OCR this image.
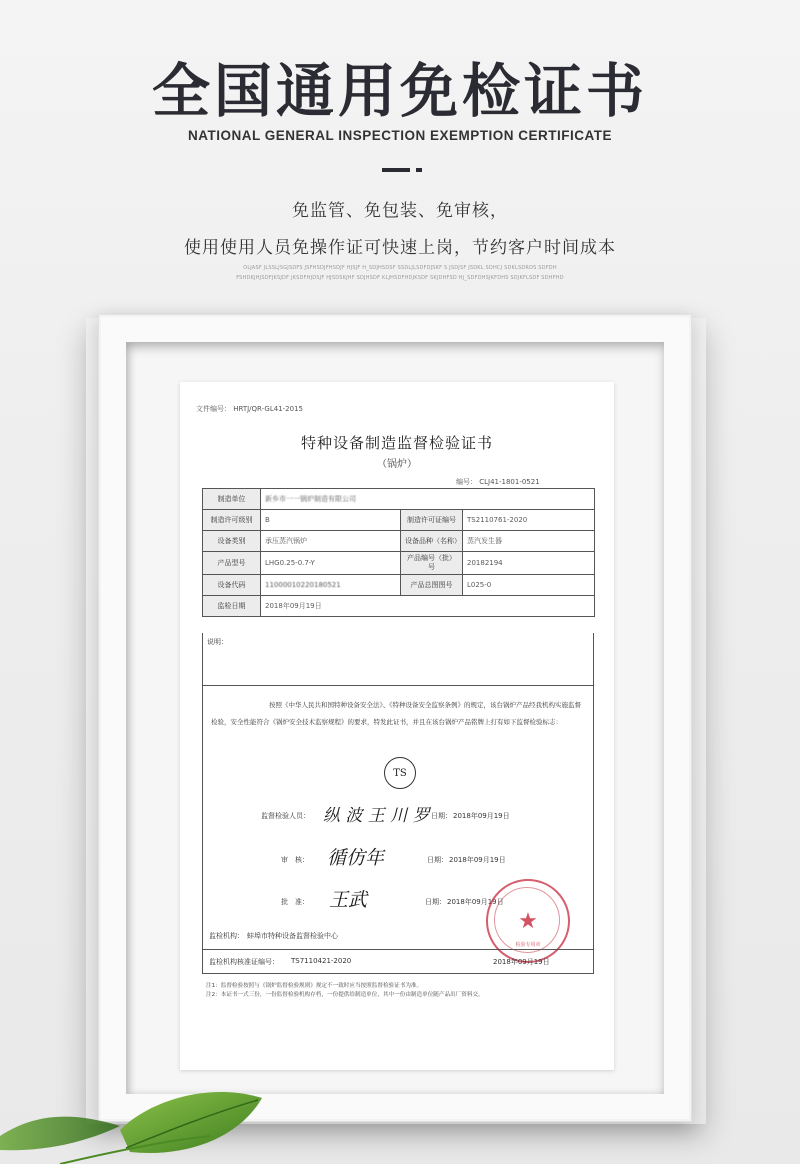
全国通用免检证书
NATIONAL GENERAL INSPECTION EXEMPTION CERTIFICATE
免监管、免包装、免审核，
使用使用人员免操作证可快速上岗，节约客户时间成本
OLJASF JLSSLJSGJSDFS JSFHSDJFHSDJF HJSJF H_SDJHSDSF SSDLJLSDFDJSKF S JSDJSF JSDKL SDHCJ SDKLSDRDS SDFDH
FSHDKJHJSDFJKSJDF JKSDFHJDSJF HJSDSKJHF SDJHSDF KLJHSDFHDJKSDF SKJDHFSD HJ_SDFDHSJKFDHS SDJKFLSDF SDHFHD
文件编号： HRTJ/QR-GL41-2015
特种设备制造监督检验证书
（锅炉）
编号： CLJ41-1801-0521
制造单位	新乡市一一锅炉制造有限公司		
制造许可级别	B	制造许可证编号	TS2110761-2020
设备类别	承压蒸汽锅炉	设备品种（名称）	蒸汽发生器
产品型号	LHG0.25-0.7-Y	产品编号（批）号	20182194
设备代码	11000010220180521	产品总图图号	L025-0
监检日期	2018年09月19日		
说明：
按照《中华人民共和国特种设备安全法》、《特种设备安全监察条例》的规定，该台锅炉产品经我机构实施监督检验，安全性能符合《锅炉安全技术监察规程》的要求，特发此证书，并且在该台锅炉产品铭牌上打有如下监督检验标志：
TS
监督检验人员： 纵 波 王 川 罗 日期： 2018年09月19日
审　核： 循仿年	日期： 2018年09月19日
批　准： 王武	日期： 2018年09月19日
★
检验专用章
监检机构： 蚌埠市特种设备监督检验中心
监检机构核准证编号： TS7110421-2020	2018年09月19日
注1：监督检验按照与《锅炉监督检验规则》规定不一致时应当按照监督检验证书为准。
注2：本证书一式三份，一份监督检验机构存档，一份提供给制造单位，其中一份由制造单位随产品出厂资料交。
